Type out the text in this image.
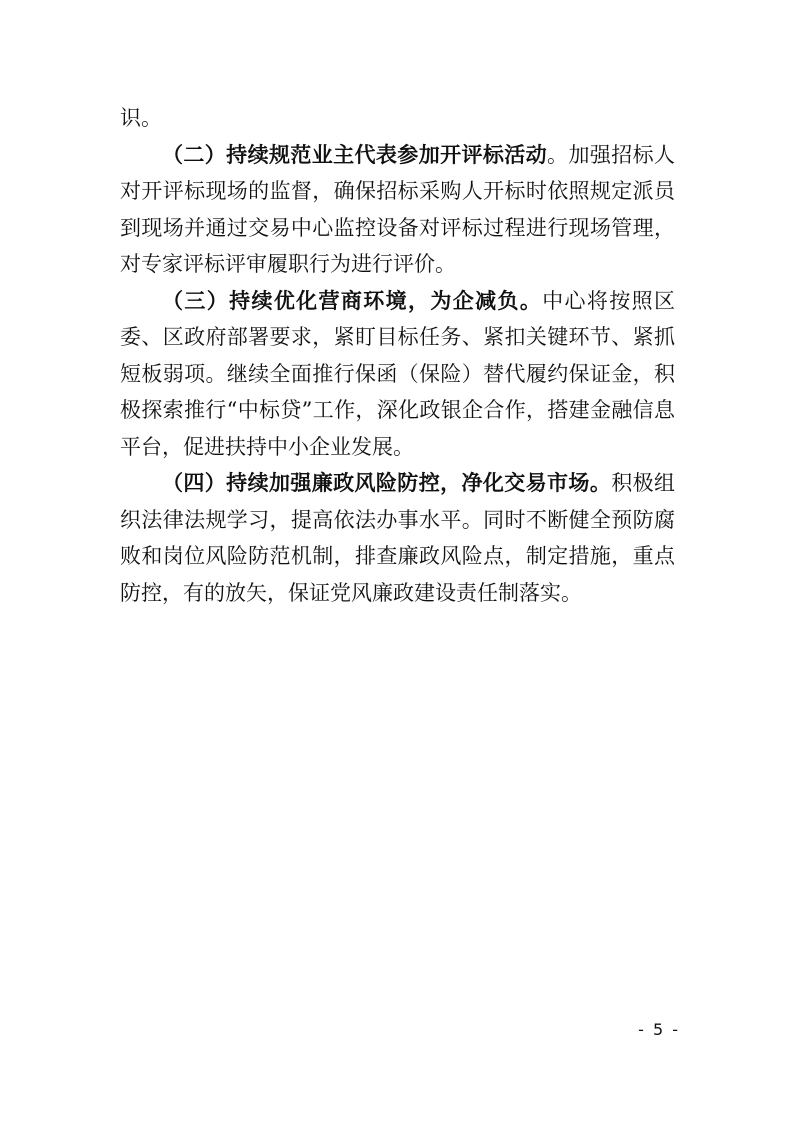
识。

（二）持续规范业主代表参加开评标活动。加强招标人对开评标现场的监督，确保招标采购人开标时依照规定派员到现场并通过交易中心监控设备对评标过程进行现场管理，对专家评标评审履职行为进行评价。

（三）持续优化营商环境，为企减负。中心将按照区委、区政府部署要求，紧盯目标任务、紧扣关键环节、紧抓短板弱项。继续全面推行保函（保险）替代履约保证金，积极探索推行“中标贷”工作，深化政银企合作，搭建金融信息平台，促进扶持中小企业发展。

（四）持续加强廉政风险防控，净化交易市场。积极组织法律法规学习，提高依法办事水平。同时不断健全预防腐败和岗位风险防范机制，排查廉政风险点，制定措施，重点防控，有的放矢，保证党风廉政建设责任制落实。

- 5 -
